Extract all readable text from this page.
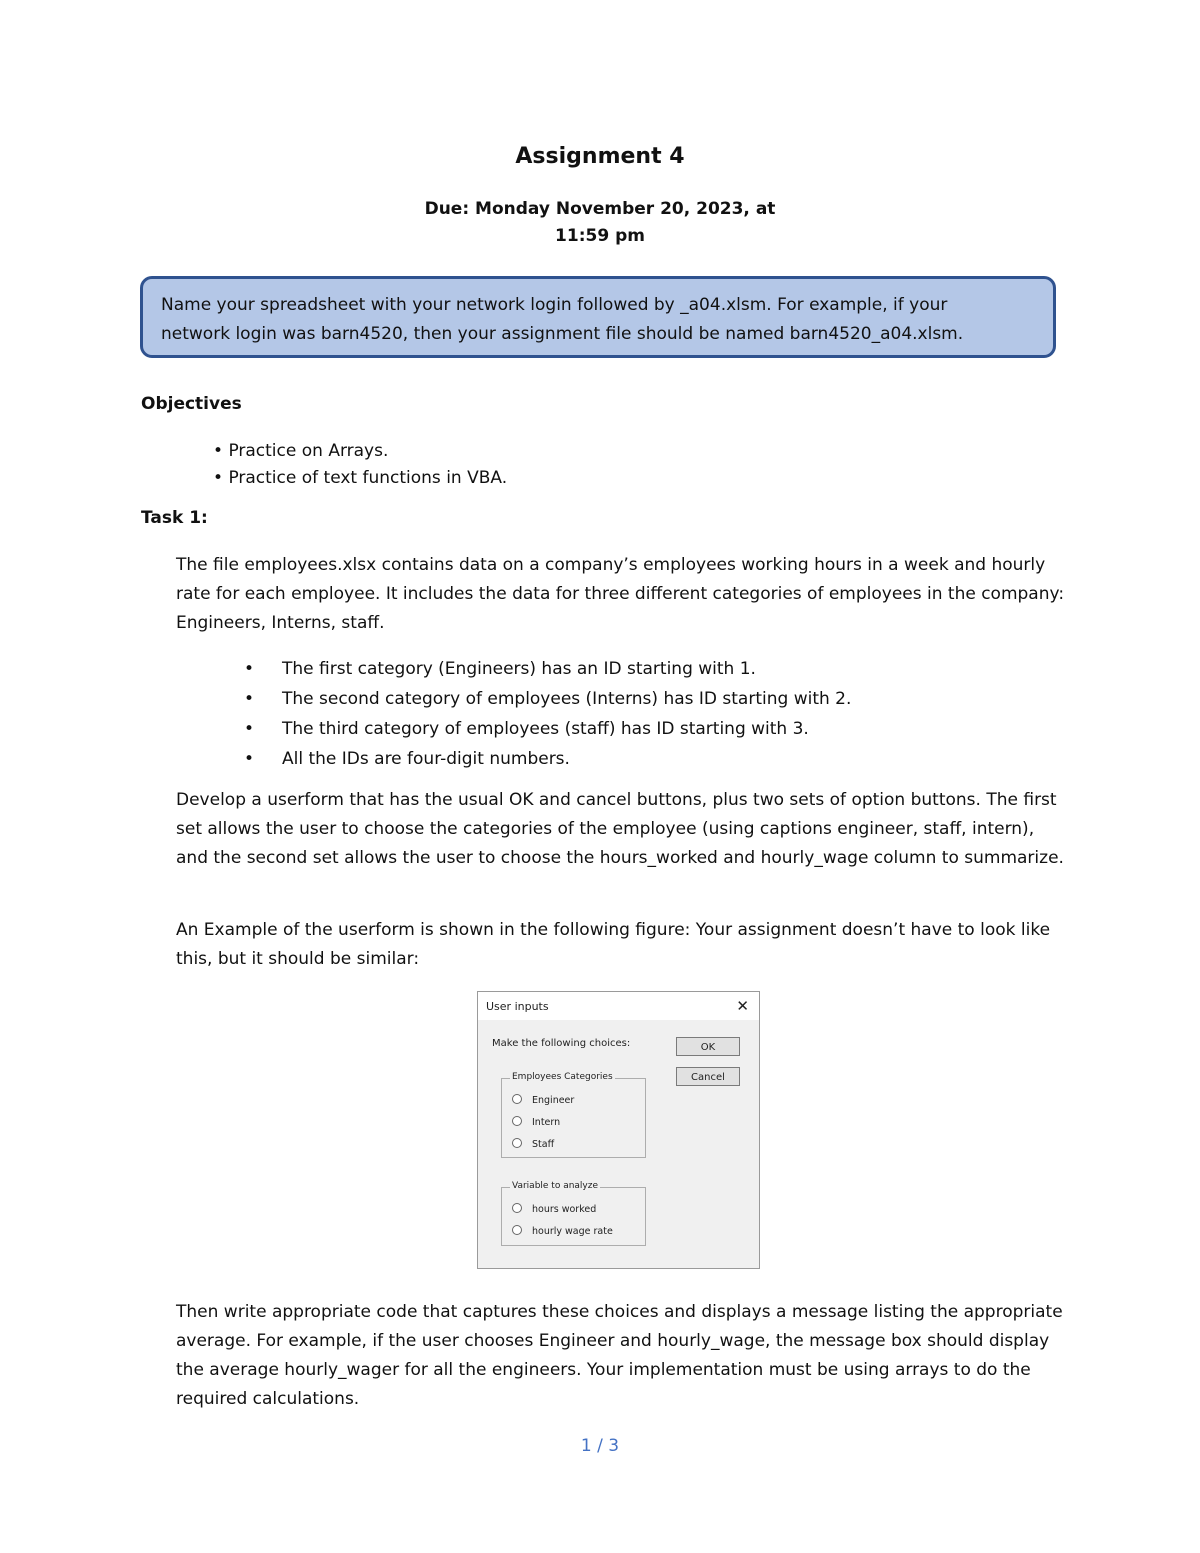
Assignment 4
Due: Monday November 20, 2023, at
11:59 pm

Name your spreadsheet with your network login followed by _a04.xlsm. For example, if your

network login was barn4520, then your assignment file should be named barn4520_a04.xlsm.

Objectives
• Practice on Arrays.
• Practice of text functions in VBA.
Task 1:

The file employees.xlsx contains data on a company’s employees working hours in a week and hourly rate for each employee. It includes the data for three different categories of employees in the company: Engineers, Interns, staff.

• The first category (Engineers) has an ID starting with 1.
• The second category of employees (Interns) has ID starting with 2.
• The third category of employees (staff) has ID starting with 3.
• All the IDs are four-digit numbers.

Develop a userform that has the usual OK and cancel buttons, plus two sets of option buttons. The first set allows the user to choose the categories of the employee (using captions engineer, staff, intern), and the second set allows the user to choose the hours_worked and hourly_wage column to summarize.

An Example of the userform is shown in the following figure: Your assignment doesn’t have to look like this, but it should be similar:

User inputs	✕
Make the following choices:	OK
Cancel
Employees Categories
Engineer
Intern
Staff
Variable to analyze
hours worked
hourly wage rate

Then write appropriate code that captures these choices and displays a message listing the appropriate average. For example, if the user chooses Engineer and hourly_wage, the message box should display the average hourly_wager for all the engineers. Your implementation must be using arrays to do the required calculations.

1 / 3
